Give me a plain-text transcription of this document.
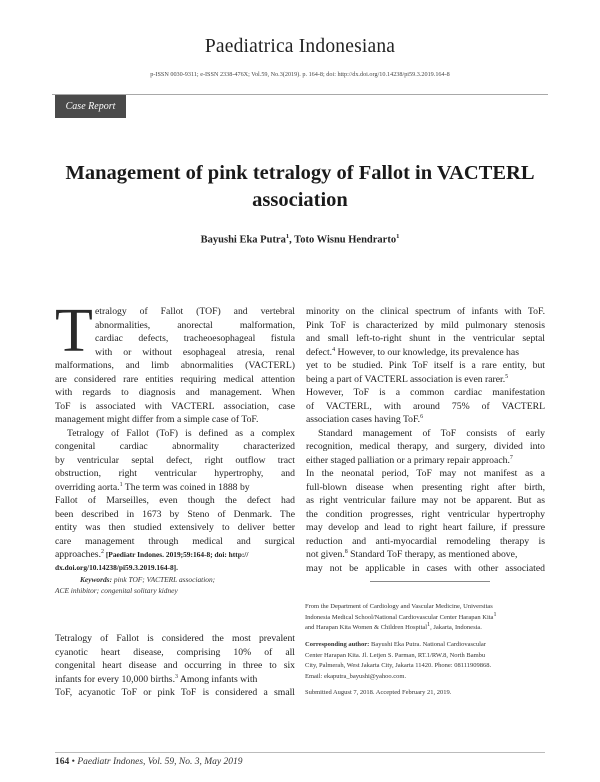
Paediatrica Indonesiana
p-ISSN 0030-9311; e-ISSN 2338-476X; Vol.59, No.3(2019). p. 164-8; doi: http://dx.doi.org/10.14238/pi59.3.2019.164-8
Case Report
Management of pink tetralogy of Fallot in VACTERL
association
Bayushi Eka Putra$^1$, Toto Wisnu Hendrarto$^1$
T etralogy of Fallot (TOF) and vertebral
abnormalities, anorectal malformation,
cardiac defects, tracheoesophageal fistula
with or without esophageal atresia, renal
malformations, and limb abnormalities (VACTERL)
are considered rare entities requiring medical attention
with regards to diagnosis and management. When
ToF is associated with VACTERL association, case
management might differ from a simple case of ToF.
Tetralogy of Fallot (ToF) is defined as a complex
congenital cardiac abnormality characterized
by ventricular septal defect, right outflow tract
obstruction, right ventricular hypertrophy, and
overriding aorta.$^1$ The term was coined in 1888 by
Fallot of Marseilles, even though the defect had
been described in 1673 by Steno of Denmark. The
entity was then studied extensively to deliver better
care management through medical and surgical
approaches.$^2$ [Paediatr Indones. 2019;59:164-8; doi: http://
dx.doi.org/10.14238/pi59.3.2019.164-8].
Keywords: pink TOF; VACTERL association;
ACE inhibitor; congenital solitary kidney
Tetralogy of Fallot is considered the most prevalent
cyanotic heart disease, comprising 10% of all
congenital heart disease and occurring in three to six
infants for every 10,000 births.$^3$ Among infants with
ToF, acyanotic ToF or pink ToF is considered a small
minority on the clinical spectrum of infants with ToF.
Pink ToF is characterized by mild pulmonary stenosis
and small left-to-right shunt in the ventricular septal
defect.$^4$ However, to our knowledge, its prevalence has
yet to be studied. Pink ToF itself is a rare entity, but
being a part of VACTERL association is even rarer.$^5$
However, ToF is a common cardiac manifestation
of VACTERL, with around 75% of VACTERL
association cases having ToF.$^6$
Standard management of ToF consists of early
recognition, medical therapy, and surgery, divided into
either staged palliation or a primary repair approach.$^7$
In the neonatal period, ToF may not manifest as a
full-blown disease when presenting right after birth,
as right ventricular failure may not be apparent. But as
the condition progresses, right ventricular hypertrophy
may develop and lead to right heart failure, if pressure
reduction and anti-myocardial remodeling therapy is
not given.$^8$ Standard ToF therapy, as mentioned above,
may not be applicable in cases with other associated
From the Department of Cardiology and Vascular Medicine, Universitas
Indonesia Medical School/National Cardiovascular Center Harapan Kita$^1$
and Harapan Kita Women & Children Hospital$^1$, Jakarta, Indonesia.
Corresponding author: Bayushi Eka Putra. National Cardiovascular
Center Harapan Kita. Jl. Letjen S. Parman, RT.1/RW.8, North Bambu
City, Palmerah, West Jakarta City, Jakarta 11420. Phone: 08111909868.
Email: ekaputra_bayushi@yahoo.com.
Submitted August 7, 2018. Accepted February 21, 2019.
164 • Paediatr Indones, Vol. 59, No. 3, May 2019
